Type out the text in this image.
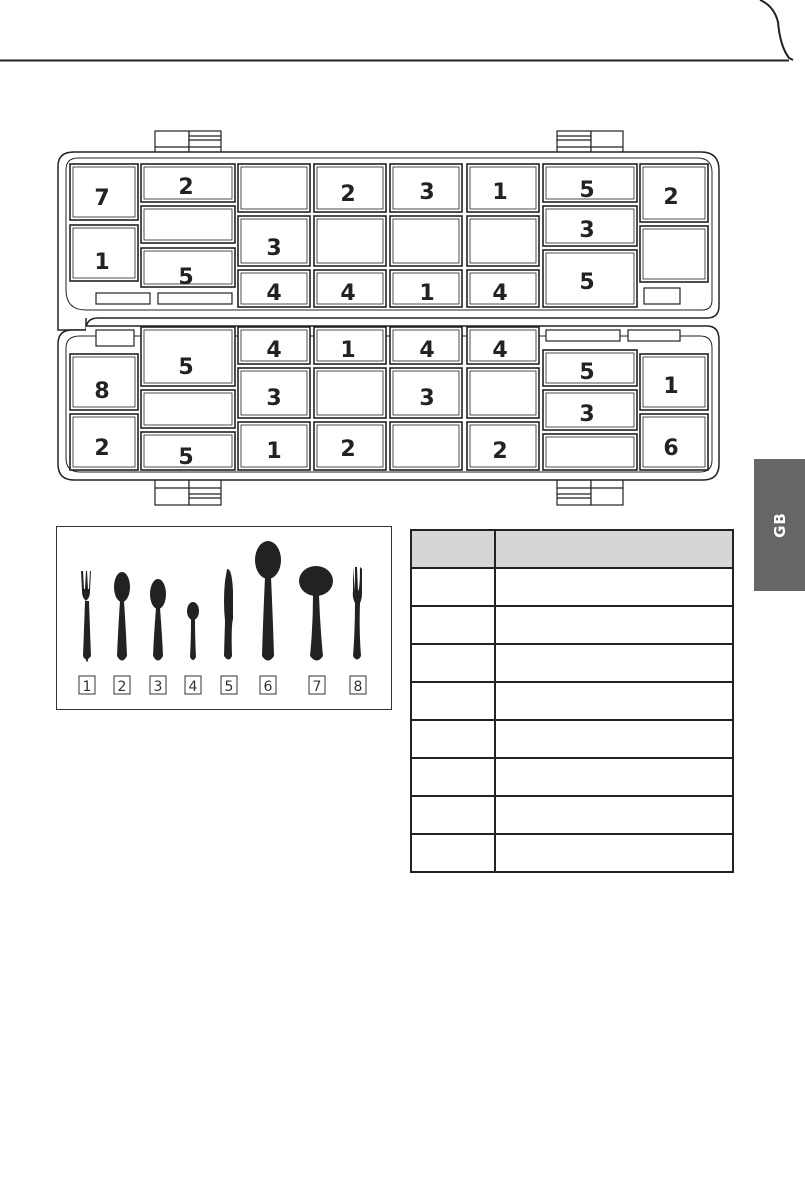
7
1
2
5
3
4
2
4
3
1
1
4
5
3
5
2
8
2
5
5
4
3
1
1
2
4
3
4
2
5
3
1
6
1 2 3 4 5 6	7 8

GB
